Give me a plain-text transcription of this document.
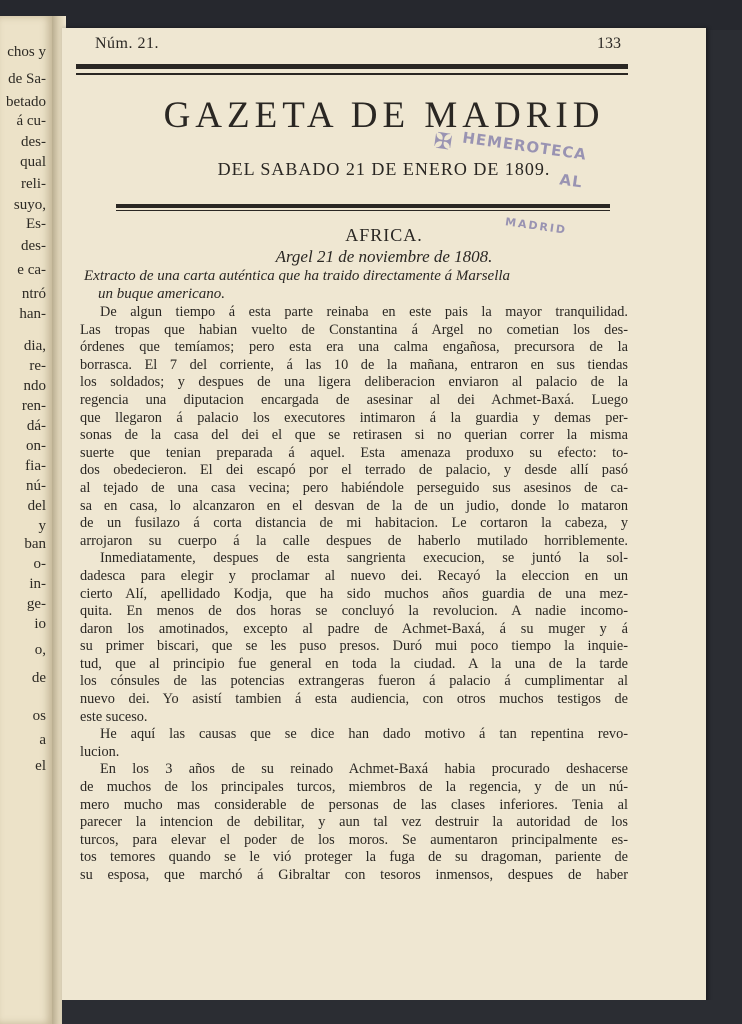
chos y
de Sa-
betado
á cu-
des-
qual
reli-
suyo,
Es-
des-
e ca-
ntró
han-
dia,
re-
ndo
ren-
dá-
on-
fia-
nú-
del
y
ban
o-
in-
ge-
io
o,
de
os
a
el
Núm. 21.	133
GAZETA DE MADRID
DEL SABADO 21 DE ENERO DE 1809.
✠ HEMEROTECA
AL
MADRID
AFRICA.
Argel 21 de noviembre de 1808.
Extracto de una carta auténtica que ha traido directamente á Marsella
un buque americano.
De algun tiempo á esta parte reinaba en este pais la mayor tranquilidad.
Las tropas que habian vuelto de Constantina á Argel no cometian los des-
órdenes que temíamos; pero esta era una calma engañosa, precursora de la
borrasca. El 7 del corriente, á las 10 de la mañana, entraron en sus tiendas
los soldados; y despues de una ligera deliberacion enviaron al palacio de la
regencia una diputacion encargada de asesinar al dei Achmet-Baxá. Luego
que llegaron á palacio los executores intimaron á la guardia y demas per-
sonas de la casa del dei el que se retirasen si no querian correr la misma
suerte que tenian preparada á aquel. Esta amenaza produxo su efecto: to-
dos obedecieron. El dei escapó por el terrado de palacio, y desde allí pasó
al tejado de una casa vecina; pero habiéndole perseguido sus asesinos de ca-
sa en casa, lo alcanzaron en el desvan de la de un judio, donde lo mataron
de un fusilazo á corta distancia de mi habitacion. Le cortaron la cabeza, y
arrojaron su cuerpo á la calle despues de haberlo mutilado horriblemente.
Inmediatamente, despues de esta sangrienta execucion, se juntó la sol-
dadesca para elegir y proclamar al nuevo dei. Recayó la eleccion en un
cierto Alí, apellidado Kodja, que ha sido muchos años guardia de una mez-
quita. En menos de dos horas se concluyó la revolucion. A nadie incomo-
daron los amotinados, excepto al padre de Achmet-Baxá, á su muger y á
su primer biscari, que se les puso presos. Duró mui poco tiempo la inquie-
tud, que al principio fue general en toda la ciudad. A la una de la tarde
los cónsules de las potencias extrangeras fueron á palacio á cumplimentar al
nuevo dei. Yo asistí tambien á esta audiencia, con otros muchos testigos de
este suceso.
He aquí las causas que se dice han dado motivo á tan repentina revo-
lucion.
En los 3 años de su reinado Achmet-Baxá habia procurado deshacerse
de muchos de los principales turcos, miembros de la regencia, y de un nú-
mero mucho mas considerable de personas de las clases inferiores. Tenia al
parecer la intencion de debilitar, y aun tal vez destruir la autoridad de los
turcos, para elevar el poder de los moros. Se aumentaron principalmente es-
tos temores quando se le vió proteger la fuga de su dragoman, pariente de
su esposa, que marchó á Gibraltar con tesoros inmensos, despues de haber
